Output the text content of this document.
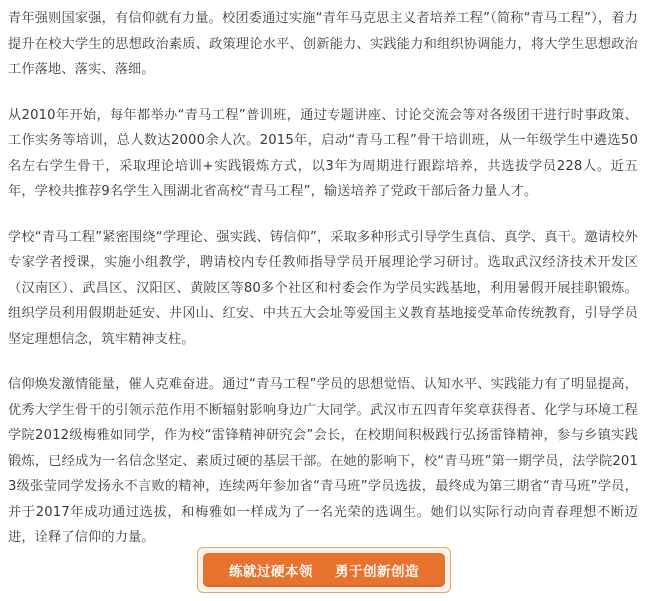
青年强则国家强，有信仰就有力量。校团委通过实施“青年马克思主义者培养工程”（简称“青马工程”），着力提升在校大学生的思想政治素质、政策理论水平、创新能力、实践能力和组织协调能力，将大学生思想政治工作落地、落实、落细。

从2010年开始，每年都举办“青马工程”普训班，通过专题讲座、讨论交流会等对各级团干进行时事政策、工作实务等培训，总人数达2000余人次。2015年，启动“青马工程”骨干培训班，从一年级学生中遴选50名左右学生骨干，采取理论培训+实践锻炼方式，以3年为周期进行跟踪培养，共选拔学员228人。近五年，学校共推荐9名学生入围湖北省高校“青马工程”，输送培养了党政干部后备力量人才。

学校“青马工程”紧密围绕“学理论、强实践、铸信仰”，采取多种形式引导学生真信、真学、真干。邀请校外专家学者授课，实施小组教学，聘请校内专任教师指导学员开展理论学习研讨。选取武汉经济技术开发区（汉南区）、武昌区、汉阳区、黄陂区等80多个社区和村委会作为学员实践基地，利用暑假开展挂职锻炼。组织学员利用假期赴延安、井冈山、红安、中共五大会址等爱国主义教育基地接受革命传统教育，引导学员坚定理想信念，筑牢精神支柱。

信仰焕发激情能量，催人克难奋进。通过“青马工程”学员的思想觉悟、认知水平、实践能力有了明显提高，优秀大学生骨干的引领示范作用不断辐射影响身边广大同学。武汉市五四青年奖章获得者、化学与环境工程学院2012级梅雅如同学，作为校“雷锋精神研究会”会长，在校期间积极践行弘扬雷锋精神，参与乡镇实践锻炼，已经成为一名信念坚定、素质过硬的基层干部。在她的影响下，校“青马班”第一期学员，法学院2013级张莹同学发扬永不言败的精神，连续两年参加省“青马班”学员选拔，最终成为第三期省“青马班”学员，并于2017年成功通过选拔，和梅雅如一样成为了一名光荣的选调生。她们以实际行动向青春理想不断迈进，诠释了信仰的力量。

练就过硬本领 勇于创新创造
